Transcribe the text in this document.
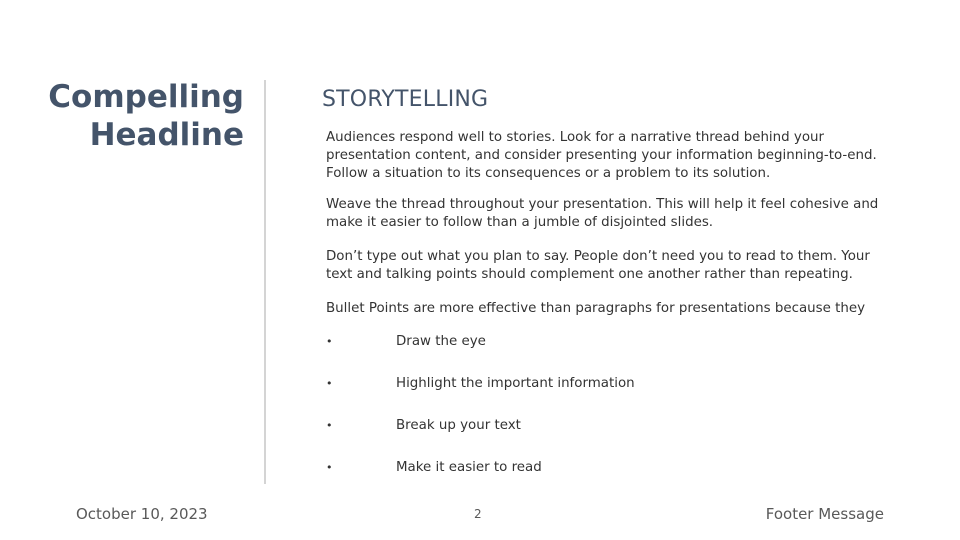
Compelling
Headline
STORYTELLING

Audiences respond well to stories. Look for a narrative thread behind your presentation content, and consider presenting your information beginning-to-end. Follow a situation to its consequences or a problem to its solution.

Weave the thread throughout your presentation. This will help it feel cohesive and make it easier to follow than a jumble of disjointed slides.

Don’t type out what you plan to say. People don’t need you to read to them. Your text and talking points should complement one another rather than repeating.

Bullet Points are more effective than paragraphs for presentations because they

•	Draw the eye
•	Highlight the important information
•	Break up your text
•	Make it easier to read
October 10, 2023	2	Footer Message
